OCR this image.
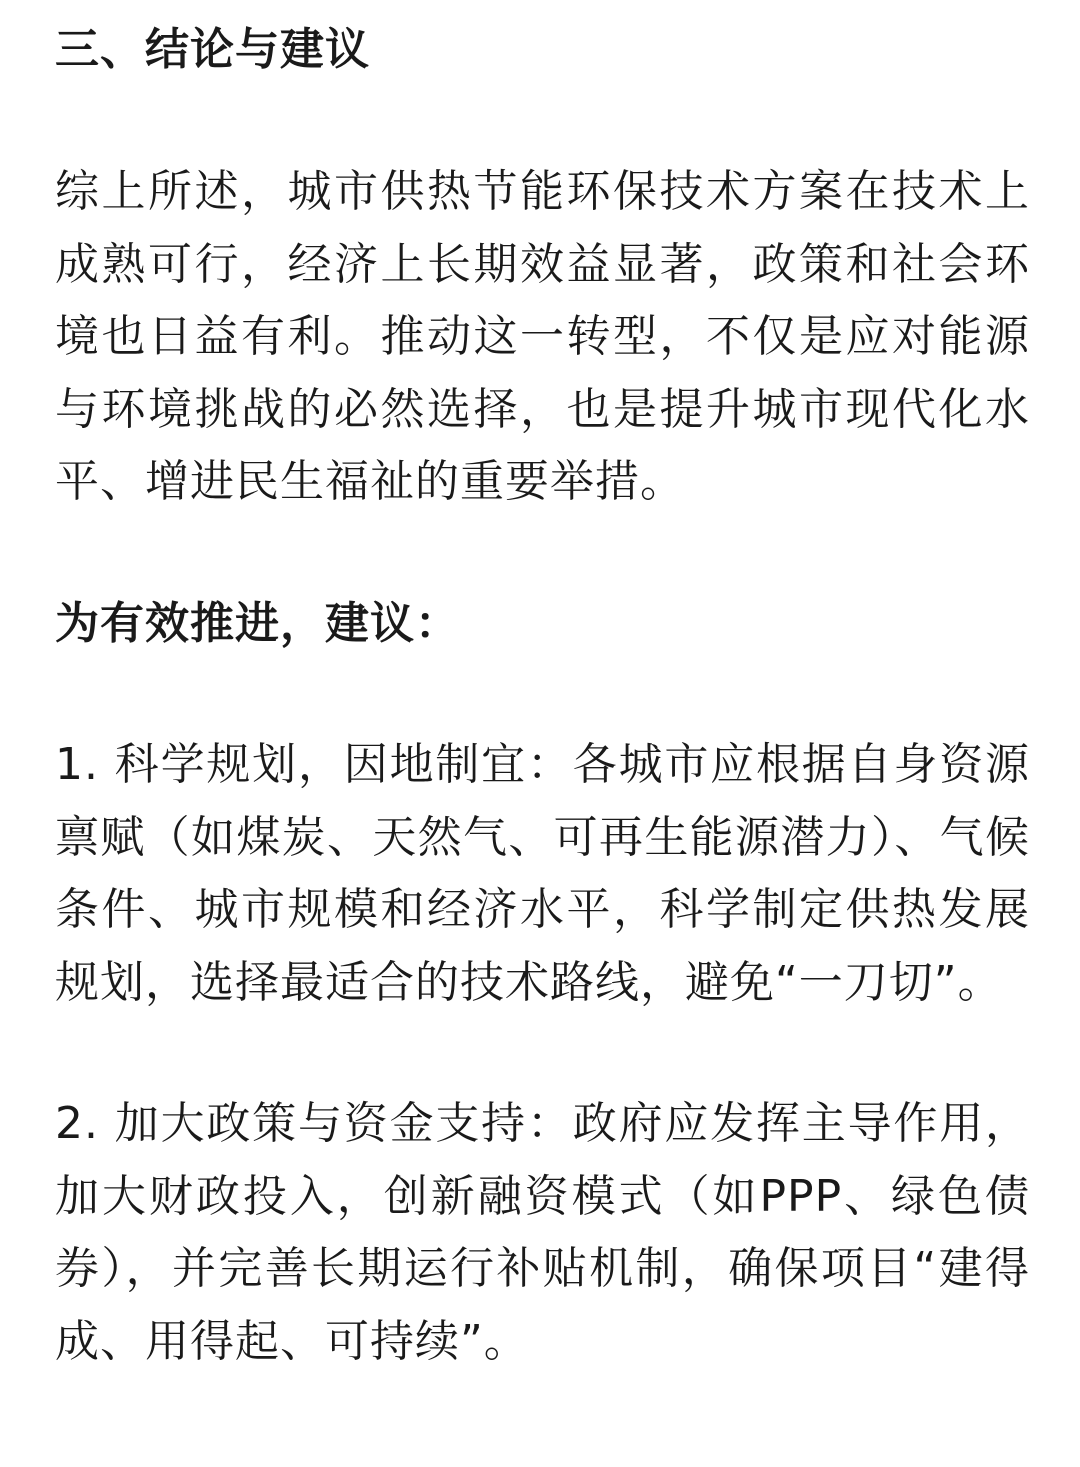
三、结论与建议

综上所述，城市供热节能环保技术方案在技术上成熟可行，经济上长期效益显著，政策和社会环境也日益有利。推动这一转型，不仅是应对能源与环境挑战的必然选择，也是提升城市现代化水平、增进民生福祉的重要举措。

为有效推进，建议：

1. 科学规划，因地制宜：各城市应根据自身资源禀赋（如煤炭、天然气、可再生能源潜力）、气候条件、城市规模和经济水平，科学制定供热发展规划，选择最适合的技术路线，避免“一刀切”。

2. 加大政策与资金支持：政府应发挥主导作用，加大财政投入，创新融资模式（如PPP、绿色债券），并完善长期运行补贴机制，确保项目“建得成、用得起、可持续”。
